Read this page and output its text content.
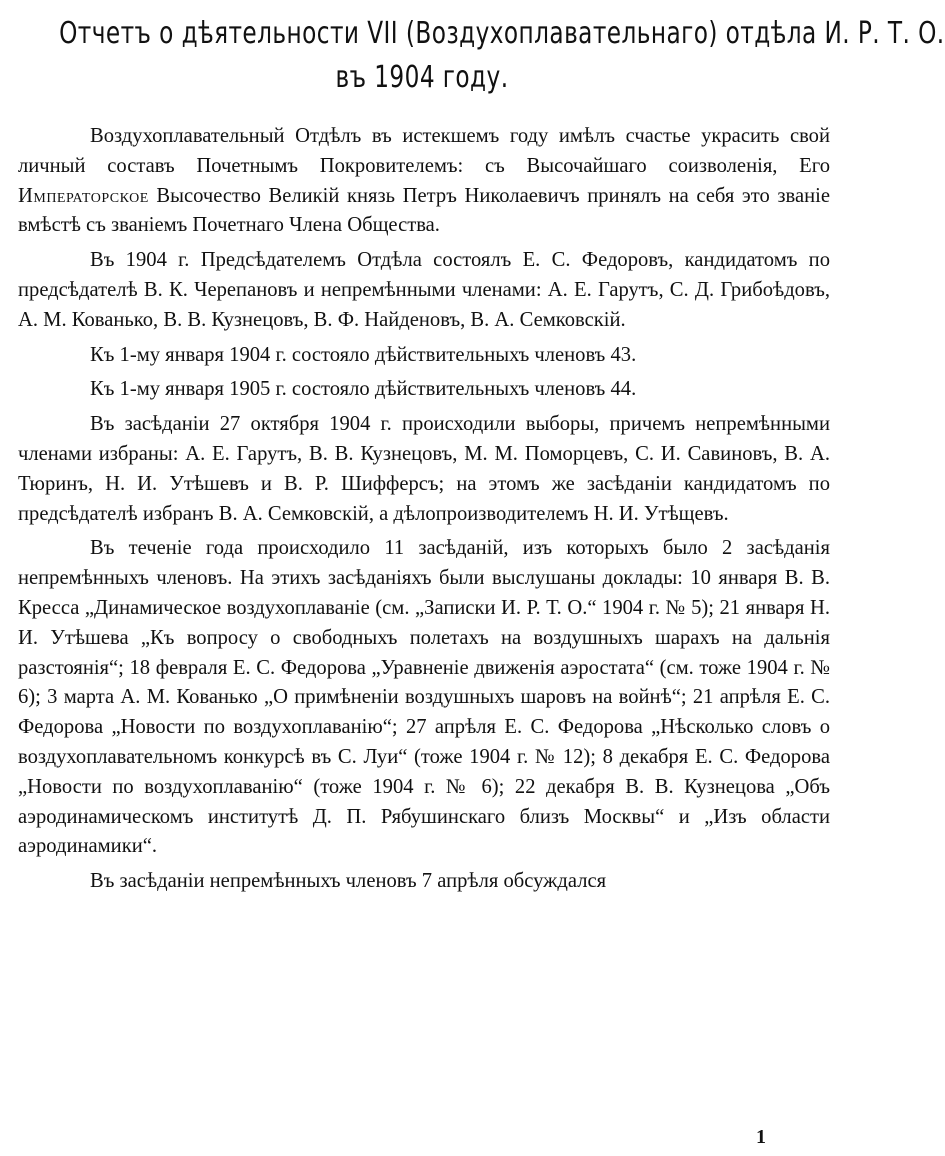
Отчетъ о дѣятельности VII (Воздухоплавательнаго) отдѣла И. Р. Т. О.
въ 1904 году.

Воздухоплавательный Отдѣлъ въ истекшемъ году имѣлъ счастье украсить свой личный составъ Почетнымъ Покровителемъ: съ Высочайшаго соизволенія, Его Императорское Высочество Великій князь Петръ Николаевичъ принялъ на себя это званіе вмѣстѣ съ званіемъ Почетнаго Члена Общества.

Въ 1904 г. Предсѣдателемъ Отдѣла состоялъ Е. С. Федоровъ, кандидатомъ по предсѣдателѣ В. К. Черепановъ и непремѣнными членами: А. Е. Гарутъ, С. Д. Грибоѣдовъ, А. М. Кованько, В. В. Кузнецовъ, В. Ф. Найденовъ, В. А. Семковскій.

Къ 1-му января 1904 г. состояло дѣйствительныхъ членовъ 43.

Къ 1-му января 1905 г. состояло дѣйствительныхъ членовъ 44.

Въ засѣданіи 27 октября 1904 г. происходили выборы, причемъ непремѣнными членами избраны: А. Е. Гарутъ, В. В. Кузнецовъ, М. М. Поморцевъ, С. И. Савиновъ, В. А. Тюринъ, Н. И. Утѣшевъ и В. Р. Шифферсъ; на этомъ же засѣданіи кандидатомъ по предсѣдателѣ избранъ В. А. Семковскій, а дѣлопроизводителемъ Н. И. Утѣщевъ.

Въ теченіе года происходило 11 засѣданій, изъ которыхъ было 2 засѣданія непремѣнныхъ членовъ. На этихъ засѣданіяхъ были выслушаны доклады: 10 января В. В. Кресса „Динамическое воздухоплаваніе (см. „Записки И. Р. Т. О.“ 1904 г. № 5); 21 января Н. И. Утѣшева „Къ вопросу о свободныхъ полетахъ на воздушныхъ шарахъ на дальнія разстоянія“; 18 февраля Е. С. Федорова „Уравненіе движенія аэростата“ (см. тоже 1904 г. № 6); 3 марта А. М. Кованько „О примѣненіи воздушныхъ шаровъ на войнѣ“; 21 апрѣля Е. С. Федорова „Новости по воздухоплаванію“; 27 апрѣля Е. С. Федорова „Нѣсколько словъ о воздухоплавательномъ конкурсѣ въ С. Луи“ (тоже 1904 г. № 12); 8 декабря Е. С. Федорова „Новости по воздухоплаванію“ (тоже 1904 г. № 6); 22 декабря В. В. Кузнецова „Объ аэродинамическомъ институтѣ Д. П. Рябушинскаго близъ Москвы“ и „Изъ области аэродинамики“.

Въ засѣданіи непремѣнныхъ членовъ 7 апрѣля обсуждался

1
